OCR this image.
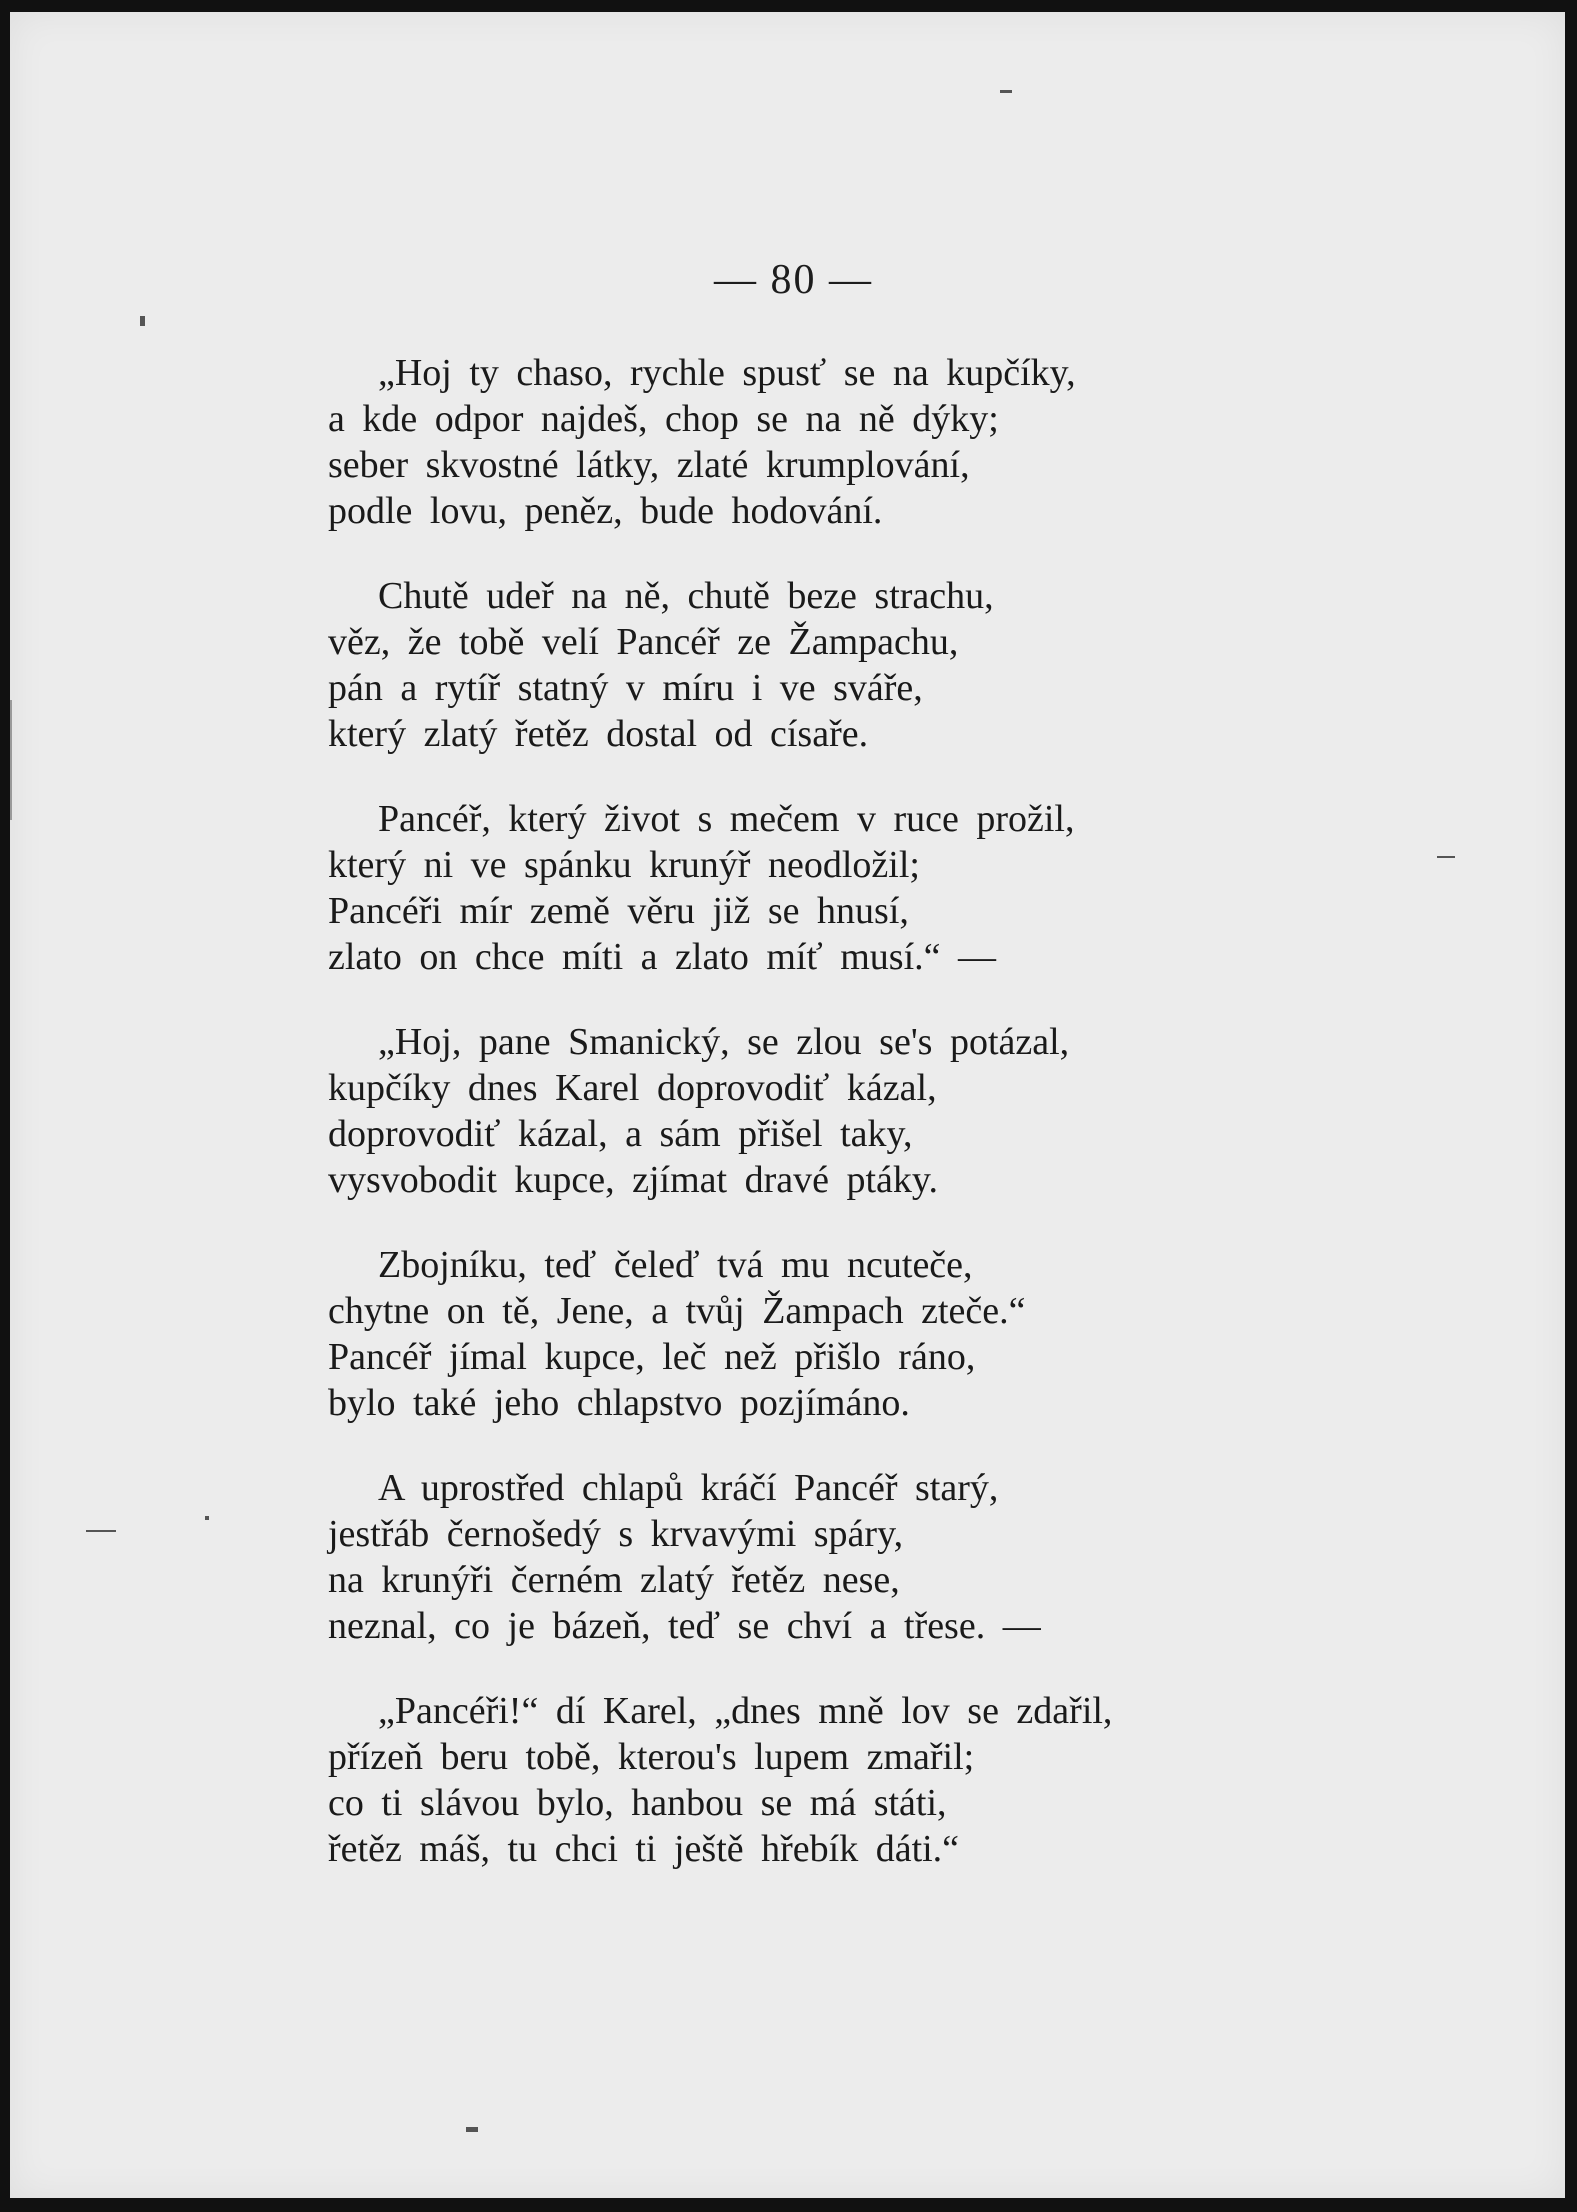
— 80 —
„Hoj ty chaso, rychle spusť se na kupčíky,
a kde odpor najdeš, chop se na ně dýky;
seber skvostné látky, zlaté krumplování,
podle lovu, peněz, bude hodování.
Chutě udeř na ně, chutě beze strachu,
věz, že tobě velí Pancéř ze Žampachu,
pán a rytíř statný v míru i ve sváře,
který zlatý řetěz dostal od císaře.
Pancéř, který život s mečem v ruce prožil,
který ni ve spánku krunýř neodložil;
Pancéři mír země věru již se hnusí,
zlato on chce míti a zlato míť musí.“ —
„Hoj, pane Smanický, se zlou se's potázal,
kupčíky dnes Karel doprovodiť kázal,
doprovodiť kázal, a sám přišel taky,
vysvobodit kupce, zjímat dravé ptáky.
Zbojníku, teď čeleď tvá mu ncuteče,
chytne on tě, Jene, a tvůj Žampach zteče.“
Pancéř jímal kupce, leč než přišlo ráno,
bylo také jeho chlapstvo pozjímáno.
A uprostřed chlapů kráčí Pancéř starý,
jestřáb černošedý s krvavými spáry,
na krunýři černém zlatý řetěz nese,
neznal, co je bázeň, teď se chví a třese. —
„Pancéři!“ dí Karel, „dnes mně lov se zdařil,
přízeň beru tobě, kterou's lupem zmařil;
co ti slávou bylo, hanbou se má státi,
řetěz máš, tu chci ti ještě hřebík dáti.“
